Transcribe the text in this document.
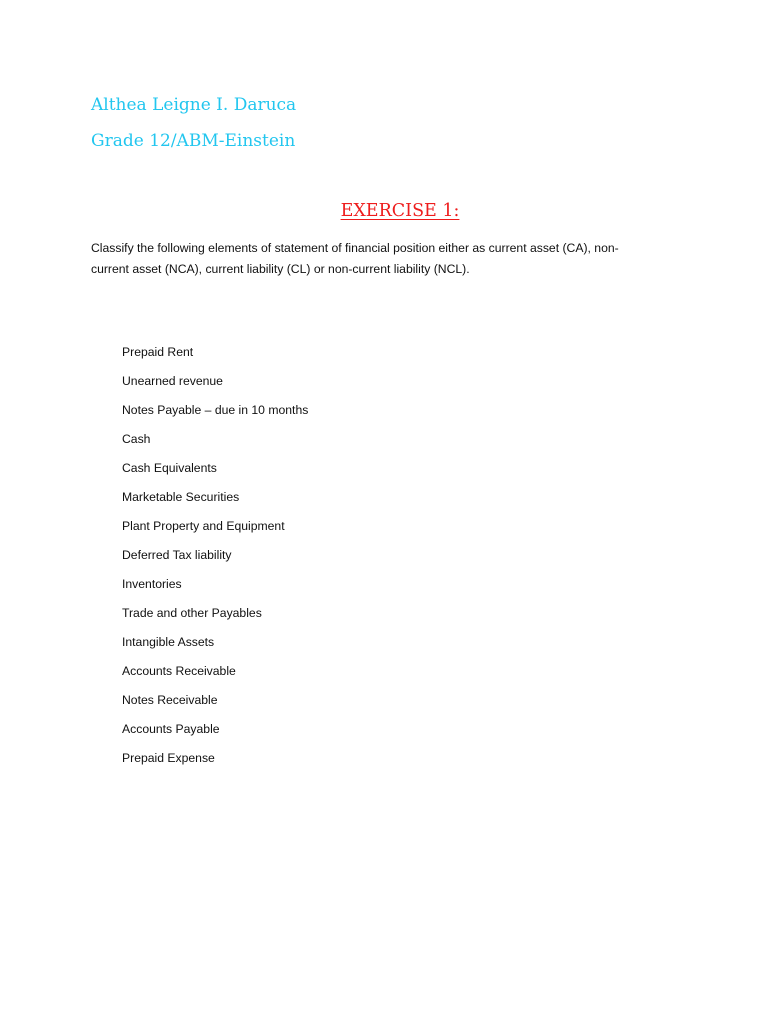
Althea Leigne I. Daruca
Grade 12/ABM-Einstein
EXERCISE 1:

Classify the following elements of statement of financial position either as current asset (CA), non-
current asset (NCA), current liability (CL) or non-current liability (NCL).

Prepaid Rent
Unearned revenue
Notes Payable – due in 10 months
Cash
Cash Equivalents
Marketable Securities
Plant Property and Equipment
Deferred Tax liability
Inventories
Trade and other Payables
Intangible Assets
Accounts Receivable
Notes Receivable
Accounts Payable
Prepaid Expense
